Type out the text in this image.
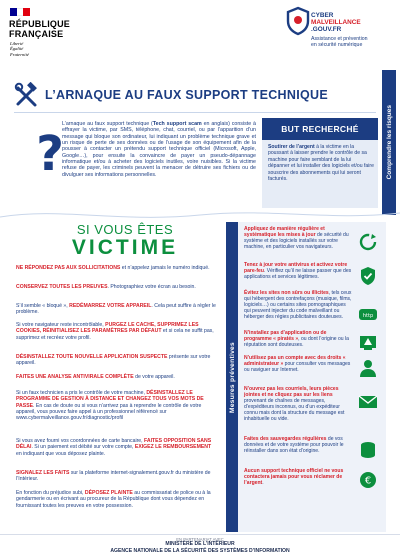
RÉPUBLIQUE
FRANÇAISE
Liberté
Égalité
Fraternité
CYBER
MALVEILLANCE
.GOUV.FR
Assistance et prévention
en sécurité numérique
L’ARNAQUE AU FAUX SUPPORT TECHNIQUE
Comprendre les risques
?
L’arnaque au faux support technique (Tech support scam en anglais) consiste à effrayer la victime, par SMS, téléphone, chat, courriel, ou par l’apparition d’un message qui bloque son ordinateur, lui indiquant un problème technique grave et un risque de perte de ses données ou de l’usage de son équipement afin de la pousser à contacter un prétendu support technique officiel (Microsoft, Apple, Google…), pour ensuite la convaincre de payer un pseudo-dépannage informatique et/ou à acheter des logiciels inutiles, voire nuisibles. Si la victime refuse de payer, les criminels peuvent la menacer de détruire ses fichiers ou de divulguer ses informations personnelles.
BUT RECHERCHÉ
Soutirer de l’argent à la victime en la poussant à laisser prendre le contrôle de sa machine pour faire semblant de la lui dépanner et lui installer des logiciels et/ou faire souscrire des abonnements qui lui seront facturés.
SI VOUS ÊTES
VICTIME
NE RÉPONDEZ PAS AUX SOLLICITATIONS et n’appelez jamais le numéro indiqué.
CONSERVEZ TOUTES LES PREUVES. Photographiez votre écran au besoin.
S’il semble « bloqué », REDÉMARREZ VOTRE APPAREIL. Cela peut suffire à régler le problème.
Si votre navigateur reste incontrôlable, PURGEZ LE CACHE, SUPPRIMEZ LES COOKIES, RÉINITIALISEZ LES PARAMÈTRES PAR DÉFAUT et si cela ne suffit pas, supprimez et recréez votre profil.
DÉSINSTALLEZ TOUTE NOUVELLE APPLICATION SUSPECTE présente sur votre appareil.
FAITES UNE ANALYSE ANTIVIRALE COMPLÈTE de votre appareil.
Si un faux technicien a pris le contrôle de votre machine, DÉSINSTALLEZ LE PROGRAMME DE GESTION À DISTANCE ET CHANGEZ TOUS VOS MOTS DE PASSE. En cas de doute ou si vous n’arrivez pas à reprendre le contrôle de votre appareil, vous pouvez faire appel à un professionnel référencé sur www.cybermalveillance.gouv.fr/diagnostic/profil
Si vous avez fourni vos coordonnées de carte bancaire, FAITES OPPOSITION SANS DÉLAI. Si un paiement est débité sur votre compte, EXIGEZ LE REMBOURSEMENT en indiquant que vous déposez plainte.
SIGNALEZ LES FAITS sur la plateforme internet-signalement.gouv.fr du ministère de l’Intérieur.
En fonction du préjudice subi, DÉPOSEZ PLAINTE au commissariat de police ou à la gendarmerie ou en écrivant au procureur de la République dont vous dépendez en fournissant toutes les preuves en votre possession.
Mesures préventives
Appliquez de manière régulière et systématique les mises à jour de sécurité du système et des logiciels installés sur votre machine, en particulier vos navigateurs.
Tenez à jour votre antivirus et activez votre pare-feu. Vérifiez qu’il ne laisse passer que des applications et services légitimes.
Évitez les sites non sûrs ou illicites, tels ceux qui hébergent des contrefaçons (musique, films, logiciels…) ou certains sites pornographiques qui peuvent injecter du code malveillant ou héberger des régies publicitaires douteuses.	http
N’installez pas d’application ou de programme « piratés », ou dont l’origine ou la réputation sont douteuses.
N’utilisez pas un compte avec des droits « administrateur » pour consulter vos messages ou naviguer sur Internet.
N’ouvrez pas les courriels, leurs pièces jointes et ne cliquez pas sur les liens provenant de chaînes de messages, d’expéditeurs inconnus, ou d’un expéditeur connu mais dont la structure du message est inhabituelle ou vide.
Faites des sauvegardes régulières de vos données et de votre système pour pouvoir le réinstaller dans son état d’origine.
Aucun support technique officiel ne vous contactera jamais pour vous réclamer de l’argent.	€
EN PARTENARIAT AVEC
MINISTÈRE DE L’INTÉRIEUR
AGENCE NATIONALE DE LA SÉCURITÉ DES SYSTÈMES D’INFORMATION
